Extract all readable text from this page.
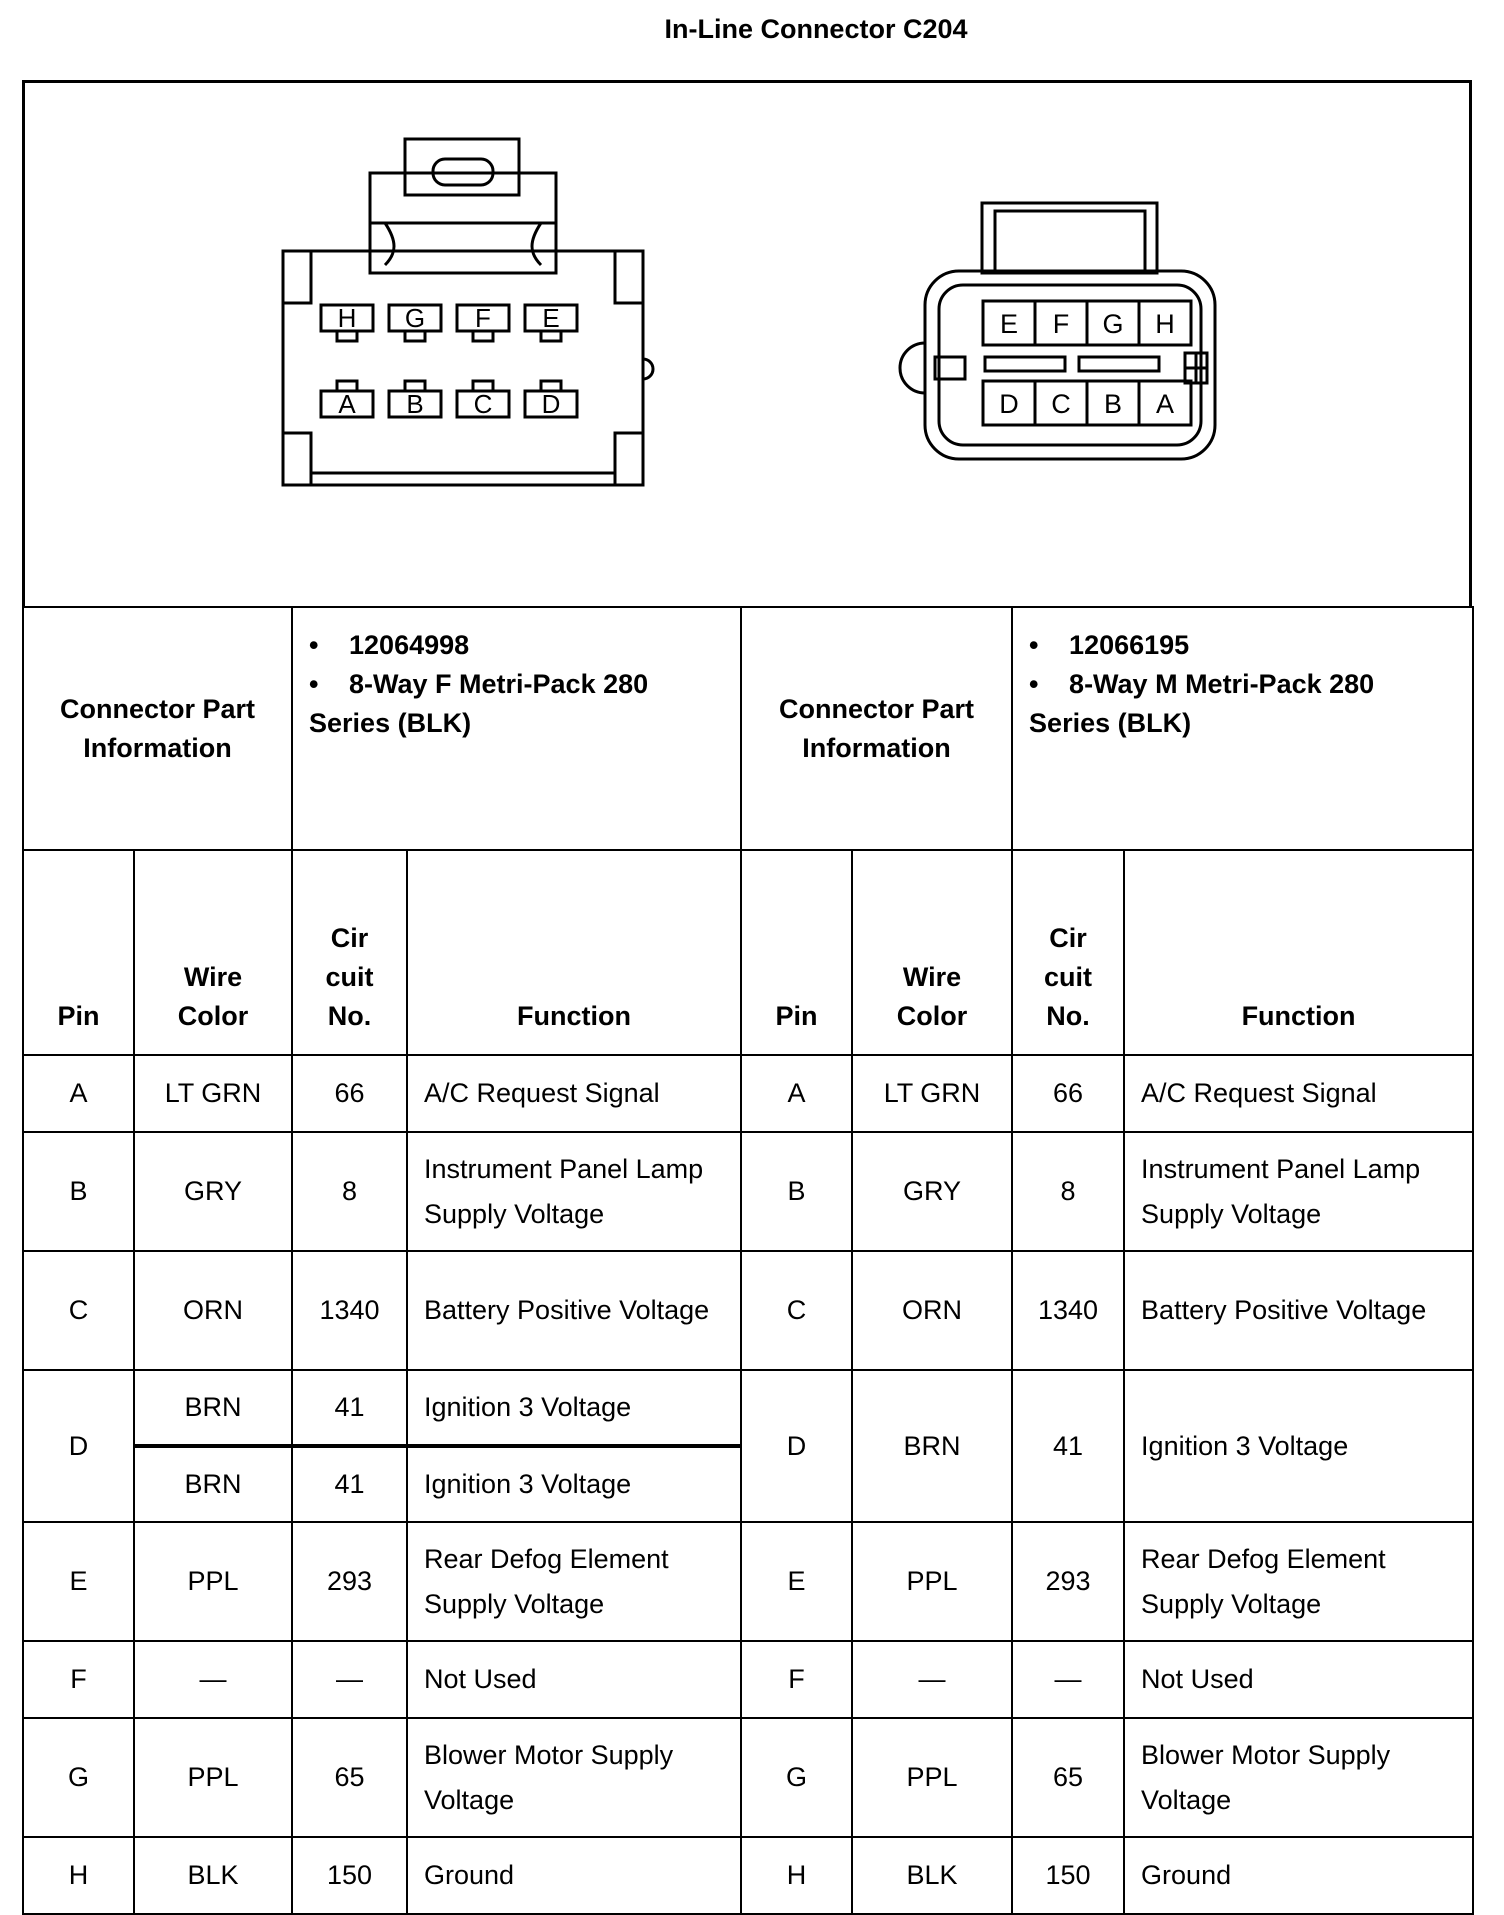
In-Line Connector C204
H G F E
A B C D
E F G H
D C B A
Connector Part Information		• 12064998
• 8-Way F Metri-Pack 280 Series (BLK)		Connector Part Information		• 12066195
• 8-Way M Metri-Pack 280 Series (BLK)	

Pin	Wire Color	Cir cuit No.	Function	Pin	Wire Color	Cir cuit No.	Function
A	LT GRN	66	A/C Request Signal	A	LT GRN	66	A/C Request Signal
B	GRY	8	Instrument Panel Lamp Supply Voltage	B	GRY	8	Instrument Panel Lamp Supply Voltage
C	ORN	1340	Battery Positive Voltage	C	ORN	1340	Battery Positive Voltage
D	BRN	41	Ignition 3 Voltage	D	BRN	41	Ignition 3 Voltage
	BRN	41	Ignition 3 Voltage				
E	PPL	293	Rear Defog Element Supply Voltage	E	PPL	293	Rear Defog Element Supply Voltage
F	—	—	Not Used	F	—	—	Not Used
G	PPL	65	Blower Motor Supply Voltage	G	PPL	65	Blower Motor Supply Voltage
H	BLK	150	Ground	H	BLK	150	Ground
